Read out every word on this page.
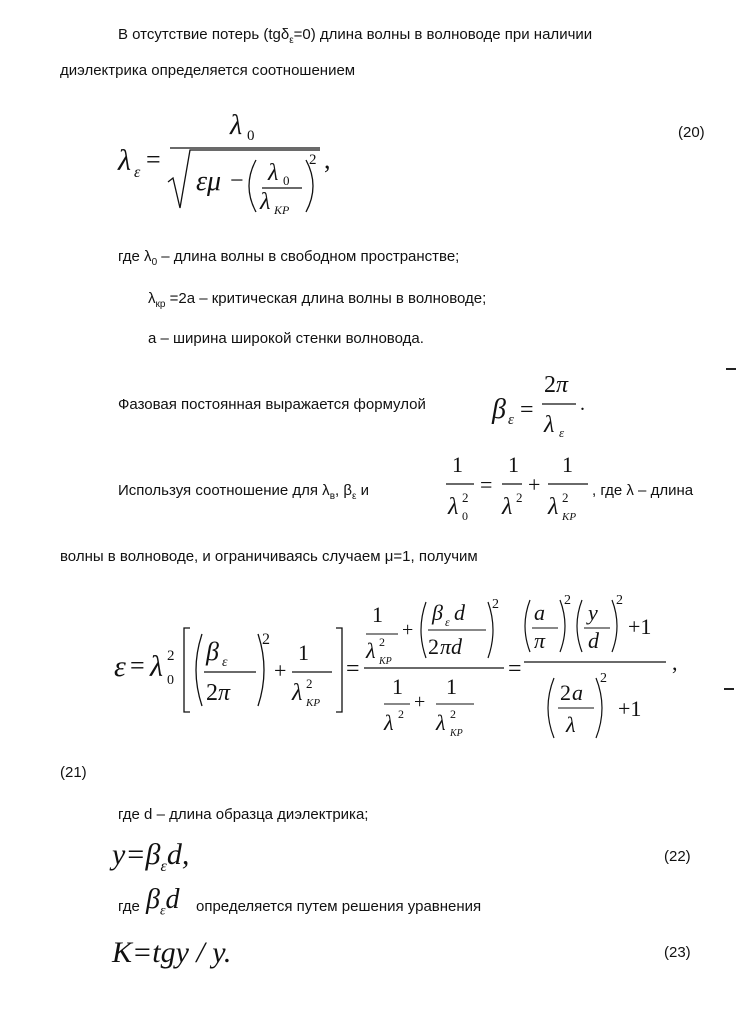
В отсутствие потерь (tgδ$_\varepsilon$=0) длина волны в волноводе при наличии
диэлектрика определяется соотношением
λ ε =
λ 0
εμ − λ 0
λ KP
2 ,
(20)
где $\lambda_0$ – длина волны в свободном пространстве;
$\lambda_{кр} =2а$ – критическая длина волны в волноводе;
а – ширина широкой стенки волновода.
Фазовая постоянная выражается формулой β ε =
2 π
λ ε
.
Используя соотношение для $\lambda_в$, $\beta_\varepsilon$ и
1
λ 2
0
=
1
λ 2
+
1
λ 2
KP
, где λ – длина
волны в волноводе, и ограничиваясь случаем μ=1, получим
ε = λ 2
0
β ε
2 π
2
+
1
λ 2
KP
=
1
λ 2
KP
+
β ε d
2 πd
2
1
λ 2
+
1
λ 2
KP
=
a
π
2 y
d
2
+1
2 a
λ
2
+1
,
(21)
где d – длина образца диэлектрика;
$y=\beta_\varepsilon d$,	(22)
где $\beta_\varepsilon d$ определяется путем решения уравнения
K=tgy / y.	(23)
